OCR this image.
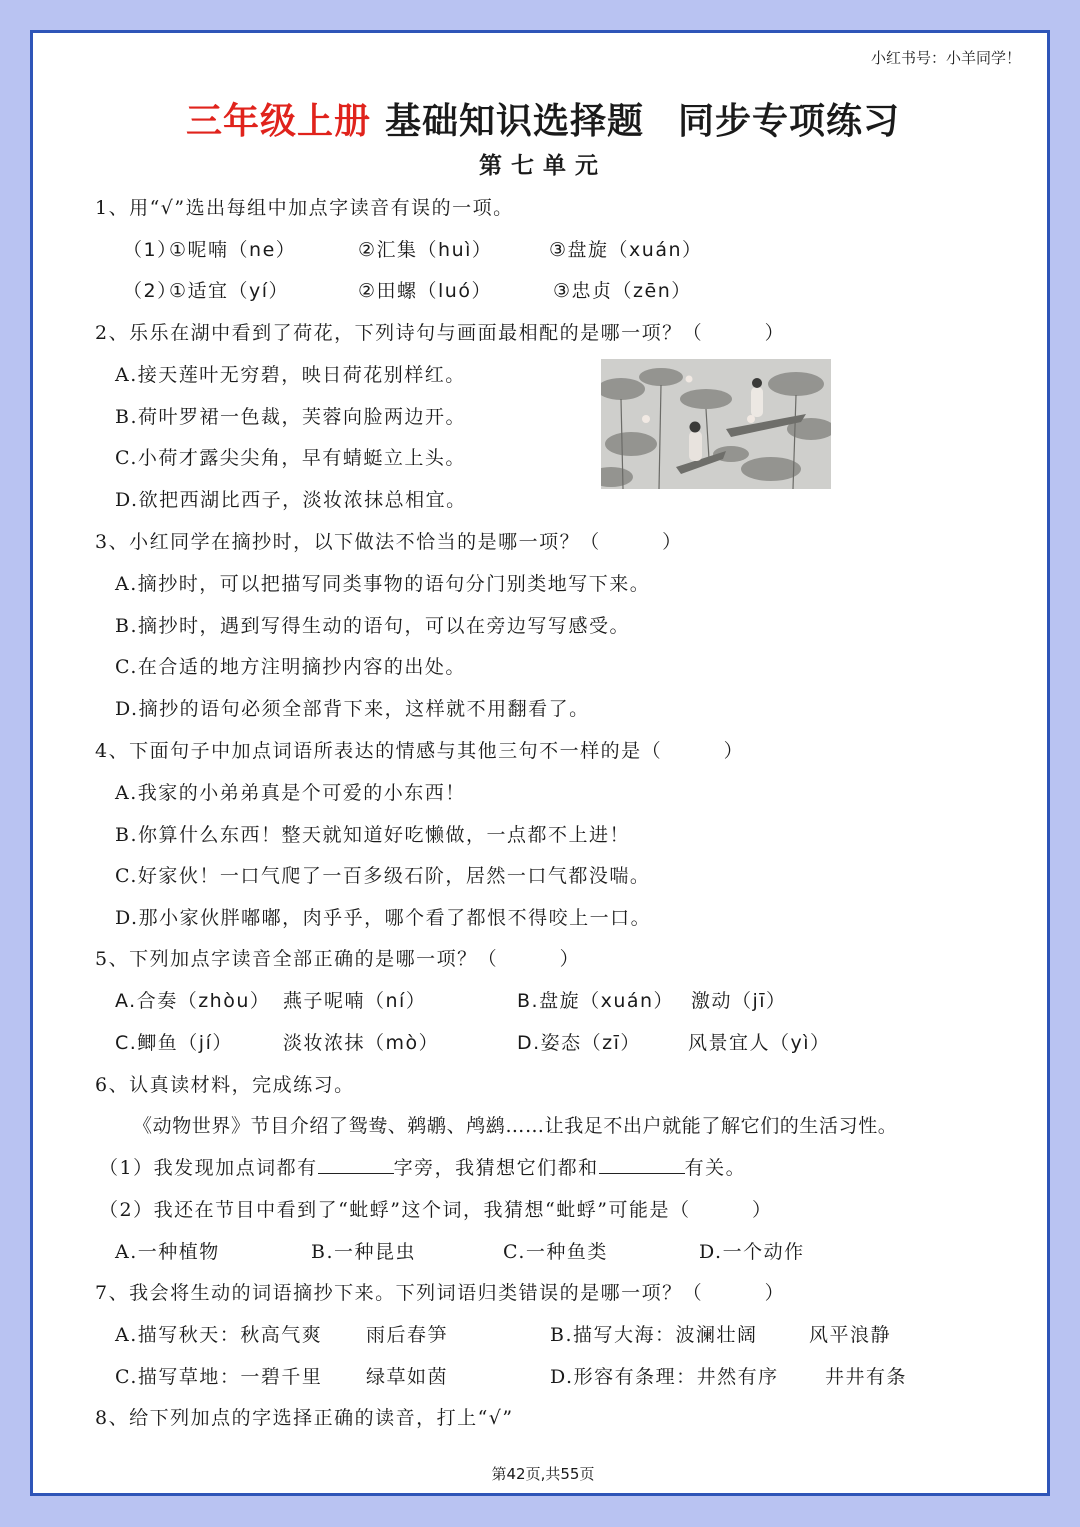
小红书号：小羊同学！
三年级上册 基础知识选择题 同步专项练习
第七单元
1、用“√”选出每组中加点字读音有误的一项。
（1）
①呢喃（ne）	②汇集（huì）	③盘旋（xuán）
（2）
①适宜（yí）	②田螺（luó）	③忠贞（zēn）
2、乐乐在湖中看到了荷花，下列诗句与画面最相配的是哪一项？（　　　）
A.接天莲叶无穷碧，映日荷花别样红。
B.荷叶罗裙一色裁，芙蓉向脸两边开。
C.小荷才露尖尖角，早有蜻蜓立上头。
D.欲把西湖比西子，淡妆浓抹总相宜。
3、小红同学在摘抄时，以下做法不恰当的是哪一项？（　　　）
A.摘抄时，可以把描写同类事物的语句分门别类地写下来。
B.摘抄时，遇到写得生动的语句，可以在旁边写写感受。
C.在合适的地方注明摘抄内容的出处。
D.摘抄的语句必须全部背下来，这样就不用翻看了。
4、下面句子中加点词语所表达的情感与其他三句不一样的是（　　　）
A.我家的小弟弟真是个可爱的小东西！
B.你算什么东西！整天就知道好吃懒做，一点都不上进！
C.好家伙！一口气爬了一百多级石阶，居然一口气都没喘。
D.那小家伙胖嘟嘟，肉乎乎，哪个看了都恨不得咬上一口。
5、下列加点字读音全部正确的是哪一项？（　　　）
A.合奏（zhòu） 燕子呢喃（ní）	B.盘旋（xuán） 激动（jī）
C.鲫鱼（jí）	淡妆浓抹（mò）	D.姿态（zī） 风景宜人（yì）
6、认真读材料，完成练习。
《动物世界》节目介绍了鸳鸯、鹈鹕、鸬鹚……让我足不出户就能了解它们的生活习性。
（1）我发现加点词都有	字旁，我猜想它们都和	有关。
（2）我还在节目中看到了“蚍蜉”这个词，我猜想“蚍蜉”可能是（　　　）
A.一种植物	B.一种昆虫	C.一种鱼类	D.一个动作
7、我会将生动的词语摘抄下来。下列词语归类错误的是哪一项？（　　　）
A.描写秋天：秋高气爽 雨后春笋	B.描写大海：波澜壮阔	风平浪静
C.描写草地：一碧千里 绿草如茵	D.形容有条理：井然有序 井井有条
8、给下列加点的字选择正确的读音，打上“√”
第42页,共55页
